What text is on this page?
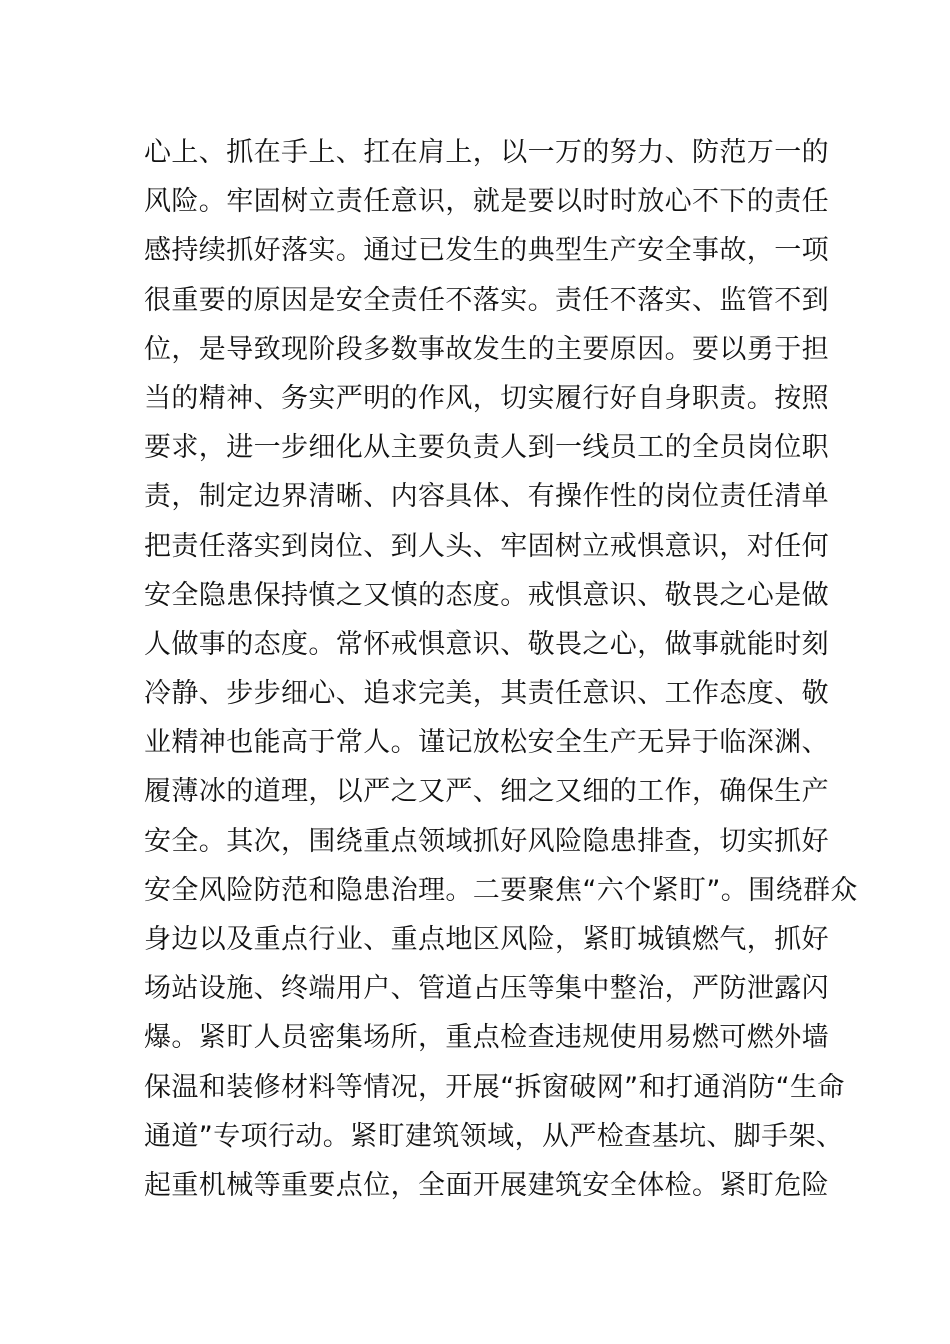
心上、抓在手上、扛在肩上，以一万的努力、防范万一的
风险。牢固树立责任意识，就是要以时时放心不下的责任
感持续抓好落实。通过已发生的典型生产安全事故，一项
很重要的原因是安全责任不落实。责任不落实、监管不到
位，是导致现阶段多数事故发生的主要原因。要以勇于担
当的精神、务实严明的作风，切实履行好自身职责。按照
要求，进一步细化从主要负责人到一线员工的全员岗位职
责，制定边界清晰、内容具体、有操作性的岗位责任清单
把责任落实到岗位、到人头、牢固树立戒惧意识，对任何
安全隐患保持慎之又慎的态度。戒惧意识、敬畏之心是做
人做事的态度。常怀戒惧意识、敬畏之心，做事就能时刻
冷静、步步细心、追求完美，其责任意识、工作态度、敬
业精神也能高于常人。谨记放松安全生产无异于临深渊、
履薄冰的道理，以严之又严、细之又细的工作，确保生产
安全。其次，围绕重点领域抓好风险隐患排查，切实抓好
安全风险防范和隐患治理。二要聚焦“六个紧盯”。围绕群众
身边以及重点行业、重点地区风险，紧盯城镇燃气，抓好
场站设施、终端用户、管道占压等集中整治，严防泄露闪
爆。紧盯人员密集场所，重点检查违规使用易燃可燃外墙
保温和装修材料等情况，开展“拆窗破网”和打通消防“生命
通道”专项行动。紧盯建筑领域，从严检查基坑、脚手架、
起重机械等重要点位，全面开展建筑安全体检。紧盯危险
